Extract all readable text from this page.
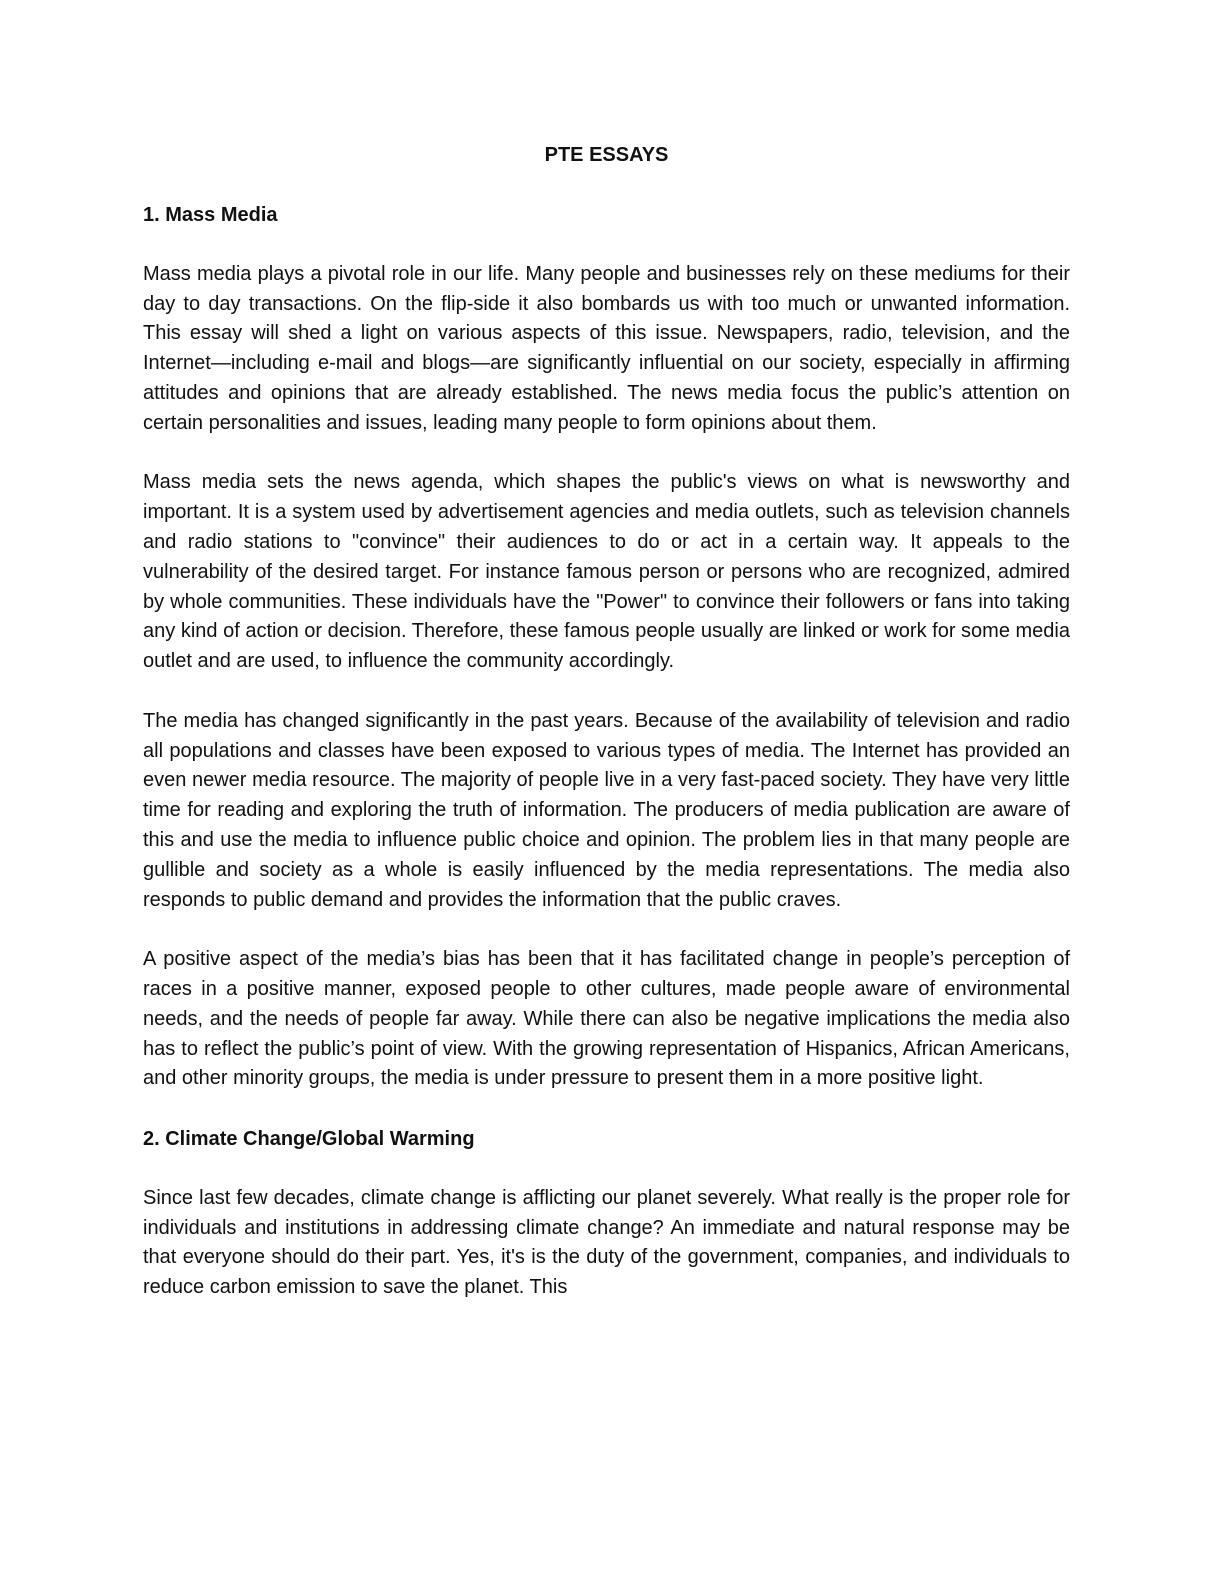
PTE ESSAYS
1. Mass Media

Mass media plays a pivotal role in our life. Many people and businesses rely on these mediums for their day to day transactions. On the flip-side it also bombards us with too much or unwanted information. This essay will shed a light on various aspects of this issue. Newspapers, radio, television, and the Internet—including e-mail and blogs—are significantly influential on our society, especially in affirming attitudes and opinions that are already established. The news media focus the public’s attention on certain personalities and issues, leading many people to form opinions about them.

Mass media sets the news agenda, which shapes the public's views on what is newsworthy and important. It is a system used by advertisement agencies and media outlets, such as television channels and radio stations to "convince" their audiences to do or act in a certain way. It appeals to the vulnerability of the desired target. For instance famous person or persons who are recognized, admired by whole communities. These individuals have the "Power" to convince their followers or fans into taking any kind of action or decision. Therefore, these famous people usually are linked or work for some media outlet and are used, to influence the community accordingly.

The media has changed significantly in the past years. Because of the availability of television and radio all populations and classes have been exposed to various types of media. The Internet has provided an even newer media resource. The majority of people live in a very fast-paced society. They have very little time for reading and exploring the truth of information. The producers of media publication are aware of this and use the media to influence public choice and opinion. The problem lies in that many people are gullible and society as a whole is easily influenced by the media representations. The media also responds to public demand and provides the information that the public craves.

A positive aspect of the media’s bias has been that it has facilitated change in people’s perception of races in a positive manner, exposed people to other cultures, made people aware of environmental needs, and the needs of people far away. While there can also be negative implications the media also has to reflect the public’s point of view. With the growing representation of Hispanics, African Americans, and other minority groups, the media is under pressure to present them in a more positive light.

2. Climate Change/Global Warming

Since last few decades, climate change is afflicting our planet severely. What really is the proper role for individuals and institutions in addressing climate change? An immediate and natural response may be that everyone should do their part. Yes, it's is the duty of the government, companies, and individuals to reduce carbon emission to save the planet. This
